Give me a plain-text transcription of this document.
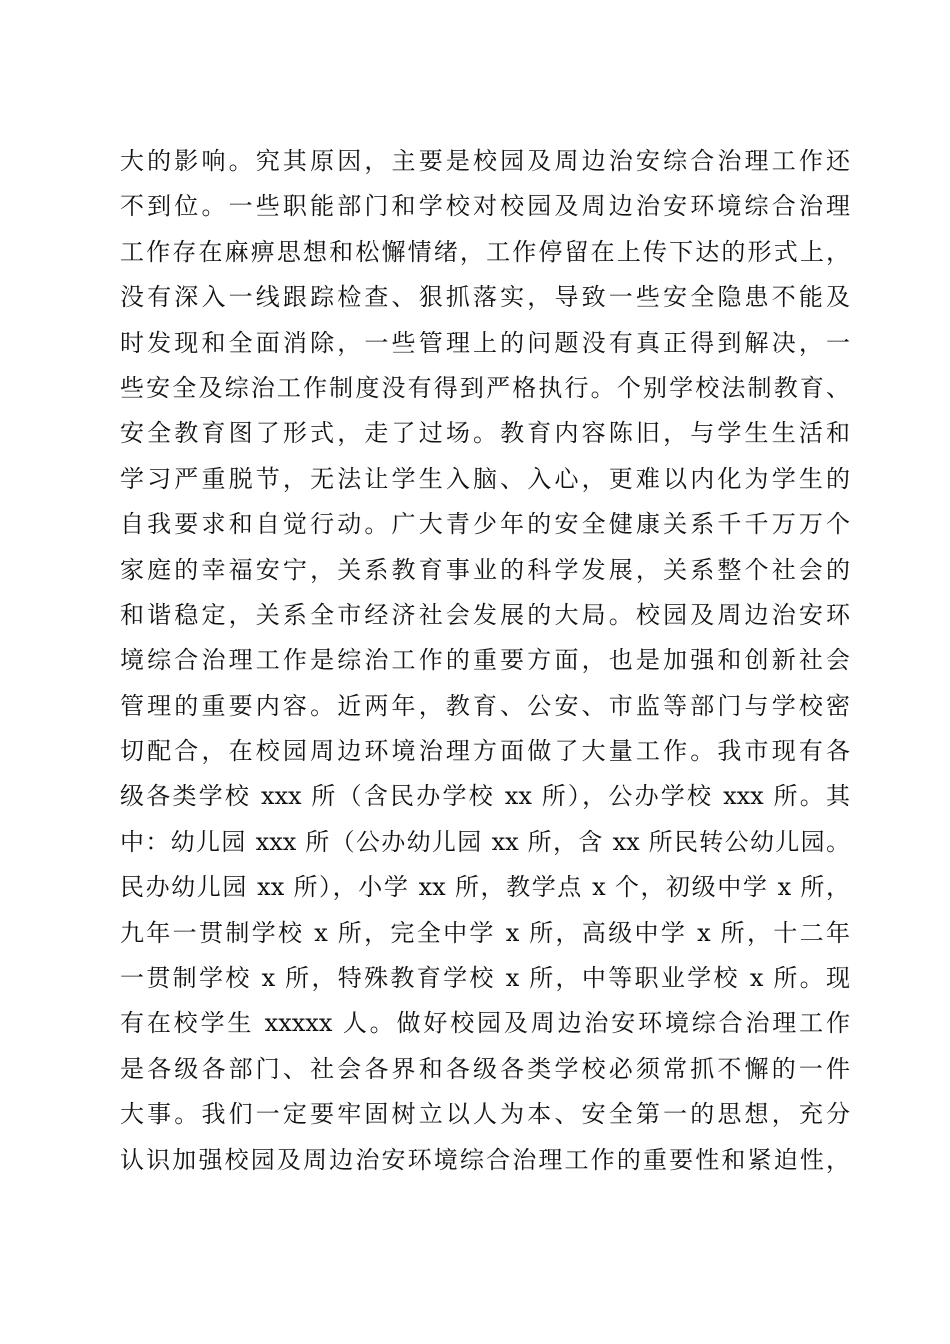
大的影响。究其原因，主要是校园及周边治安综合治理工作还
不到位。一些职能部门和学校对校园及周边治安环境综合治理
工作存在麻痹思想和松懈情绪，工作停留在上传下达的形式上，
没有深入一线跟踪检查、狠抓落实，导致一些安全隐患不能及
时发现和全面消除，一些管理上的问题没有真正得到解决，一
些安全及综治工作制度没有得到严格执行。个别学校法制教育、
安全教育图了形式，走了过场。教育内容陈旧，与学生生活和
学习严重脱节，无法让学生入脑、入心，更难以内化为学生的
自我要求和自觉行动。广大青少年的安全健康关系千千万万个
家庭的幸福安宁，关系教育事业的科学发展，关系整个社会的
和谐稳定，关系全市经济社会发展的大局。校园及周边治安环
境综合治理工作是综治工作的重要方面，也是加强和创新社会
管理的重要内容。近两年，教育、公安、市监等部门与学校密
切配合，在校园周边环境治理方面做了大量工作。我市现有各
级各类学校 xxx 所（含民办学校 xx 所），公办学校 xxx 所。其
中：幼儿园 xxx 所（公办幼儿园 xx 所，含 xx 所民转公幼儿园。
民办幼儿园 xx 所），小学 xx 所，教学点 x 个，初级中学 x 所，
九年一贯制学校 x 所，完全中学 x 所，高级中学 x 所，十二年
一贯制学校 x 所，特殊教育学校 x 所，中等职业学校 x 所。现
有在校学生 xxxxx 人。做好校园及周边治安环境综合治理工作
是各级各部门、社会各界和各级各类学校必须常抓不懈的一件
大事。我们一定要牢固树立以人为本、安全第一的思想，充分
认识加强校园及周边治安环境综合治理工作的重要性和紧迫性，
